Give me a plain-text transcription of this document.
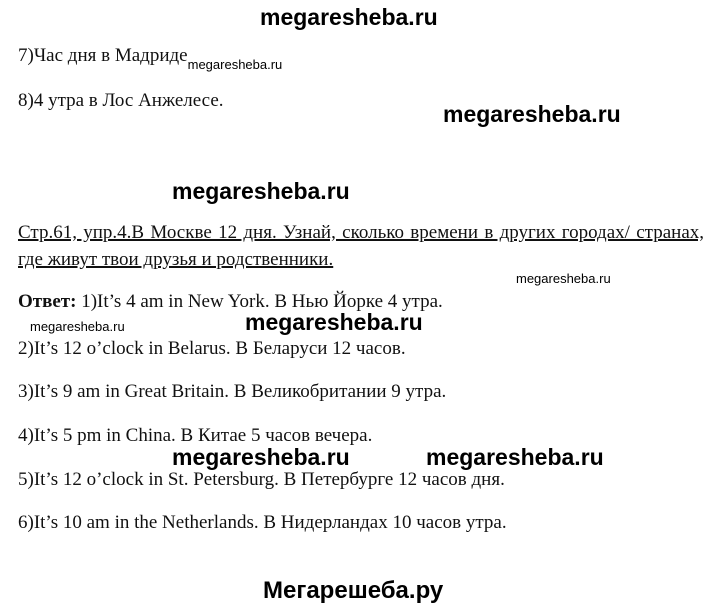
megaresheba.ru
7)Час дня в Мадриде$_{megaresheba.ru}$
8)4 утра в Лос Анжелесе.
megaresheba.ru
megaresheba.ru
Стр.61, упр.4.В Москве 12 дня. Узнай, сколько времени в других городах/ странах, где живут твои друзья и родственники.
megaresheba.ru
Ответ: 1)It’s 4 am in New York. В Нью Йорке 4 утра.
megaresheba.ru	megaresheba.ru
2)It’s 12 o’clock in Belarus. В Беларуси 12 часов.
3)It’s 9 am in Great Britain. В Великобритании 9 утра.
4)It’s 5 pm in China. В Китае 5 часов вечера.
megaresheba.ru	megaresheba.ru
5)It’s 12 o’clock in St. Petersburg. В Петербурге 12 часов дня.
6)It’s 10 am in the Netherlands. В Нидерландах 10 часов утра.
Мегарешеба.ру
